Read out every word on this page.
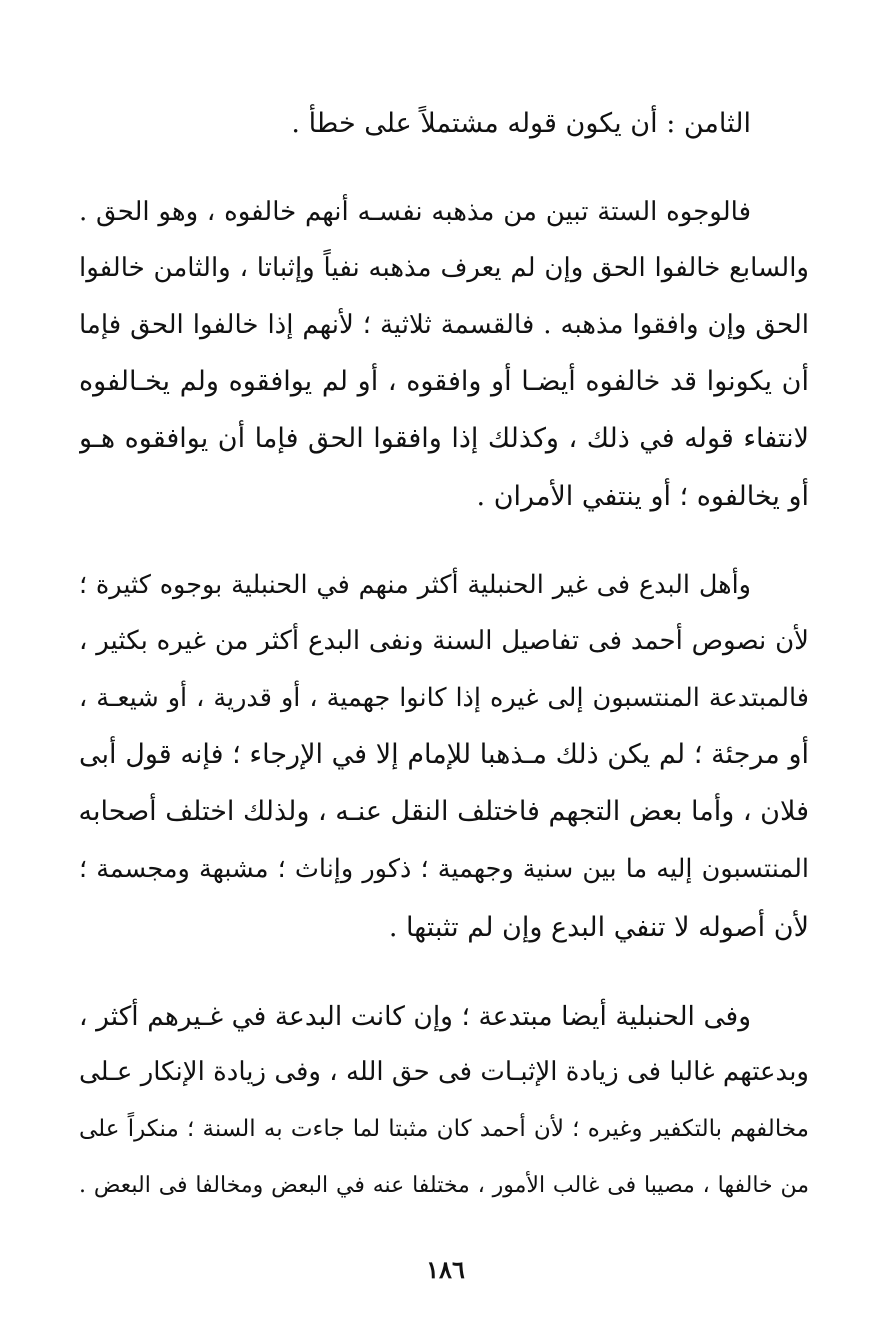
الثامن : أن يكون قوله مشتملاً على خطأ .
فالوجوه الستة تبين من مذهبه نفسـه أنهم خالفوه ، وهو الحق .
والسابع خالفوا الحق وإن لم يعرف مذهبه نفياً وإثباتا ، والثامن خالفوا
الحق وإن وافقوا مذهبه . فالقسمة ثلاثية ؛ لأنهم إذا خالفوا الحق فإما
أن يكونوا قد خالفوه أيضـا أو وافقوه ، أو لم يوافقوه ولم يخـالفوه
لانتفاء قوله في ذلك ، وكذلك إذا وافقوا الحق فإما أن يوافقوه هـو
أو يخالفوه ؛ أو ينتفي الأمران .
وأهل البدع فى غير الحنبلية أكثر منهم في الحنبلية بوجوه كثيرة ؛
لأن نصوص أحمد فى تفاصيل السنة ونفى البدع أكثر من غيره بكثير ،
فالمبتدعة المنتسبون إلى غيره إذا كانوا جهمية ، أو قدرية ، أو شيعـة ،
أو مرجئة ؛ لم يكن ذلك مـذهبا للإمام إلا في الإرجاء ؛ فإنه قول أبى
فلان ، وأما بعض التجهم فاختلف النقل عنـه ، ولذلك اختلف أصحابه
المنتسبون إليه ما بين سنية وجهمية ؛ ذكور وإناث ؛ مشبهة ومجسمة ؛
لأن أصوله لا تنفي البدع وإن لم تثبتها .
وفى الحنبلية أيضا مبتدعة ؛ وإن كانت البدعة في غـيرهم أكثر ،
وبدعتهم غالبا فى زيادة الإثبـات فى حق الله ، وفى زيادة الإنكار عـلى
مخالفهم بالتكفير وغيره ؛ لأن أحمد كان مثبتا لما جاءت به السنة ؛ منكراً على
من خالفها ، مصيبا فى غالب الأمور ، مختلفا عنه في البعض ومخالفا فى البعض .
١٨٦
